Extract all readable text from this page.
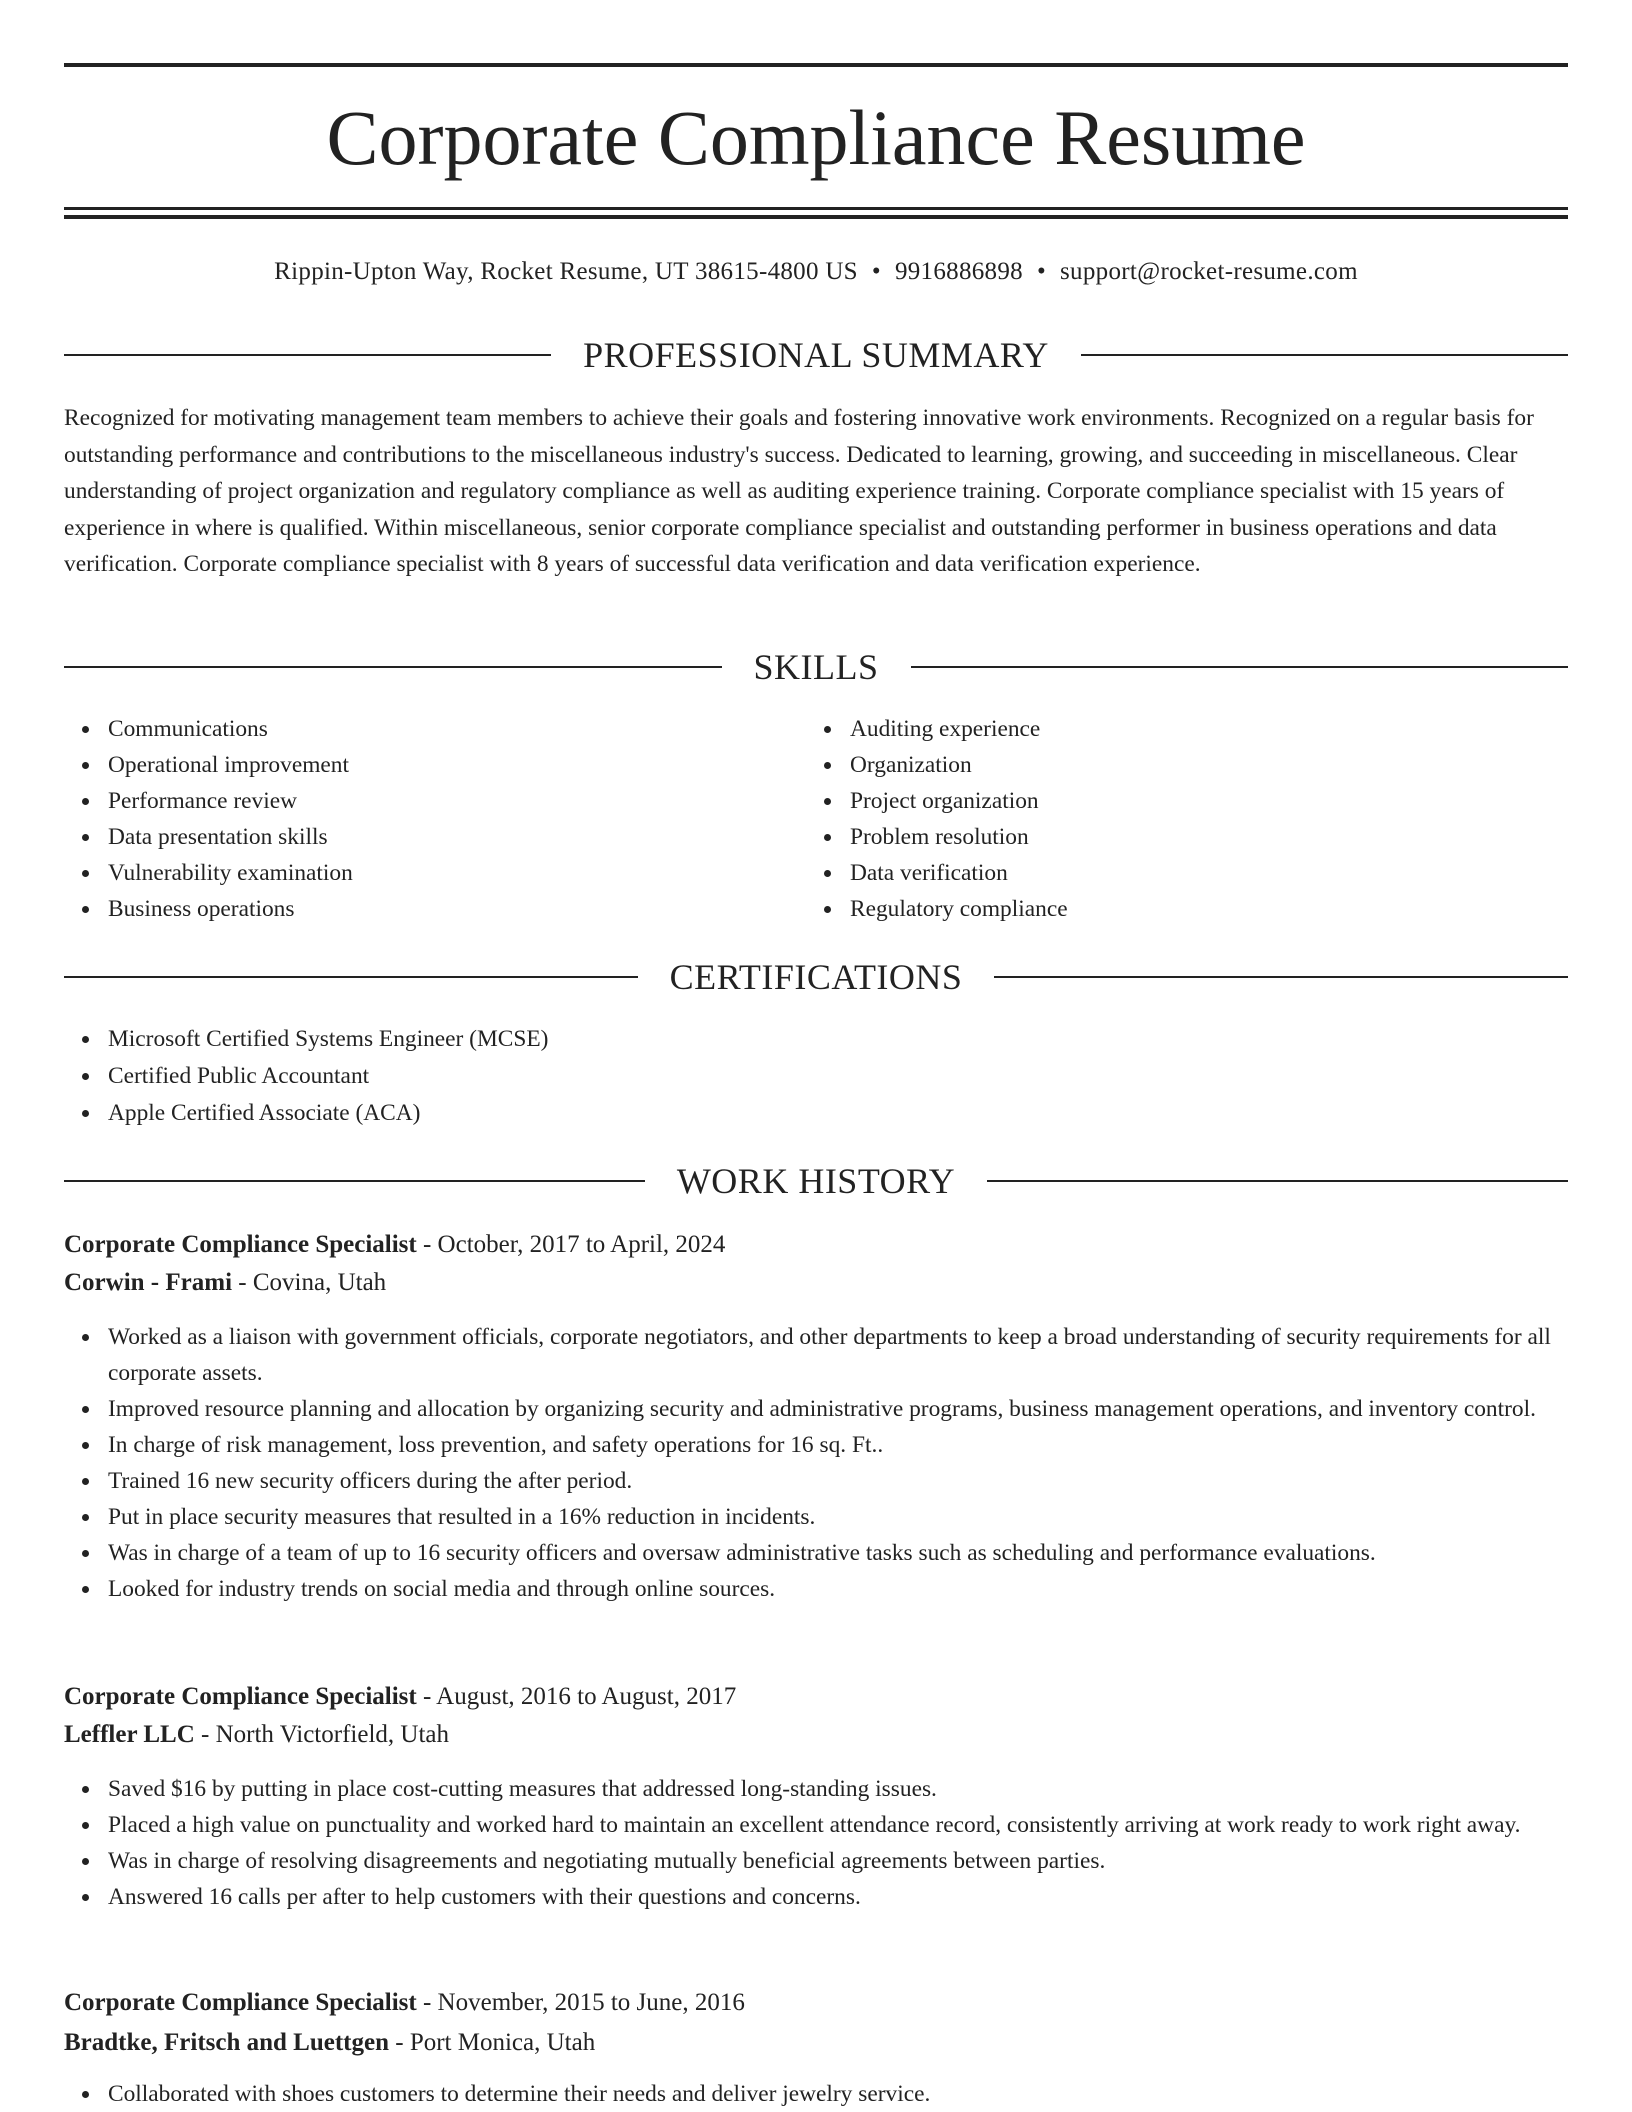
Corporate Compliance Resume
Rippin-Upton Way, Rocket Resume, UT 38615-4800 US • 9916886898 • support@rocket-resume.com
PROFESSIONAL SUMMARY

Recognized for motivating management team members to achieve their goals and fostering innovative work environments. Recognized on a regular basis for outstanding performance and contributions to the miscellaneous industry's success. Dedicated to learning, growing, and succeeding in miscellaneous. Clear understanding of project organization and regulatory compliance as well as auditing experience training. Corporate compliance specialist with 15 years of experience in where is qualified. Within miscellaneous, senior corporate compliance specialist and outstanding performer in business operations and data verification. Corporate compliance specialist with 8 years of successful data verification and data verification experience.

SKILLS
Communications
Operational improvement
Performance review
Data presentation skills
Vulnerability examination
Business operations
Auditing experience
Organization
Project organization
Problem resolution
Data verification
Regulatory compliance
CERTIFICATIONS
Microsoft Certified Systems Engineer (MCSE)
Certified Public Accountant
Apple Certified Associate (ACA)
WORK HISTORY
Corporate Compliance Specialist - October, 2017 to April, 2024
Corwin - Frami - Covina, Utah
Worked as a liaison with government officials, corporate negotiators, and other departments to keep a broad understanding of security requirements for all corporate assets.
Improved resource planning and allocation by organizing security and administrative programs, business management operations, and inventory control.
In charge of risk management, loss prevention, and safety operations for 16 sq. Ft..
Trained 16 new security officers during the after period.
Put in place security measures that resulted in a 16% reduction in incidents.
Was in charge of a team of up to 16 security officers and oversaw administrative tasks such as scheduling and performance evaluations.
Looked for industry trends on social media and through online sources.
Corporate Compliance Specialist - August, 2016 to August, 2017
Leffler LLC - North Victorfield, Utah
Saved $16 by putting in place cost-cutting measures that addressed long-standing issues.
Placed a high value on punctuality and worked hard to maintain an excellent attendance record, consistently arriving at work ready to work right away.
Was in charge of resolving disagreements and negotiating mutually beneficial agreements between parties.
Answered 16 calls per after to help customers with their questions and concerns.
Corporate Compliance Specialist - November, 2015 to June, 2016
Bradtke, Fritsch and Luettgen - Port Monica, Utah
Collaborated with shoes customers to determine their needs and deliver jewelry service.
